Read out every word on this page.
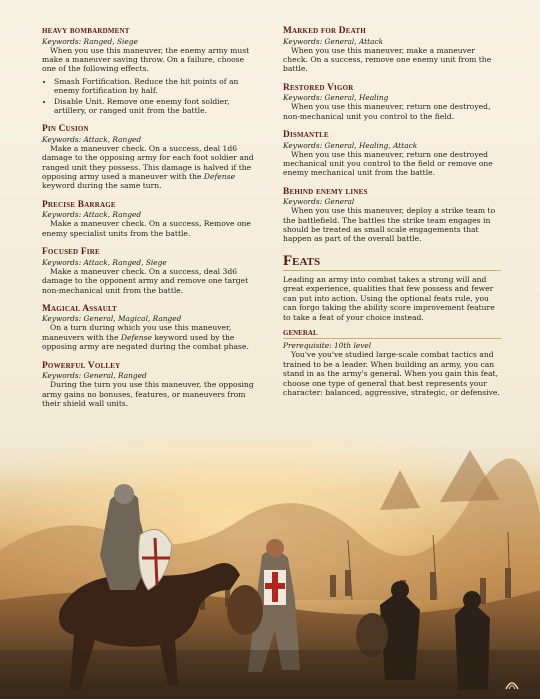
heavy bombardment
Keywords: Ranged, Siege

When you use this maneuver, the enemy army must make a maneuver saving throw. On a failure, choose one of the following effects.

• Smash Fortification. Reduce the hit points of an enemy fortification by half.
• Disable Unit. Remove one enemy foot soldier, artillery, or ranged unit from the battle.
Pin Cusion
Keywords: Attack, Ranged

Make a maneuver check. On a success, deal 1d6 damage to the opposing army for each foot soldier and ranged unit they possess. This damage is halved if the opposing army used a maneuver with the Defense keyword during the same turn.

Precise Barrage
Keywords: Attack, Ranged

Make a maneuver check. On a success, Remove one enemy specialist units from the battle.

Focused Fire
Keywords: Attack, Ranged, Siege

Make a maneuver check. On a success, deal 3d6 damage to the opponent army and remove one target non-mechanical unit from the battle.

Magical Assault
Keywords: General, Magical, Ranged

On a turn during which you use this maneuver, maneuvers with the Defense keyword used by the opposing army are negated during the combat phase.

Powerful Volley
Keywords: General, Ranged

During the turn you use this maneuver, the opposing army gains no bonuses, features, or maneuvers from their shield wall units.

Marked for Death
Keywords: General, Attack

When you use this maneuver, make a maneuver check. On a success, remove one enemy unit from the battle.

Restored Vigor
Keywords: General, Healing

When you use this maneuver, return one destroyed, non-mechanical unit you control to the field.

Dismantle
Keywords: General, Healing, Attack

When you use this maneuver, return one destroyed mechanical unit you control to the field or remove one enemy mechanical unit from the battle.

Behind enemy lines
Keywords: General

When you use this maneuver, deploy a strike team to the battlefield. The battles the strike team engages in should be treated as small scale engagements that happen as part of the overall battle.

Feats

Leading an army into combat takes a strong will and great experience, qualities that few possess and fewer can put into action. Using the optional feats rule, you can forgo taking the ability score improvement feature to take a feat of your choice instead.

general
Prerequisite: 10th level

You've you've studied large-scale combat tactics and trained to be a leader. When building an army, you can stand in as the army's general. When you gain this feat, choose one type of general that best represents your character: balanced, aggressive, strategic, or defensive.
